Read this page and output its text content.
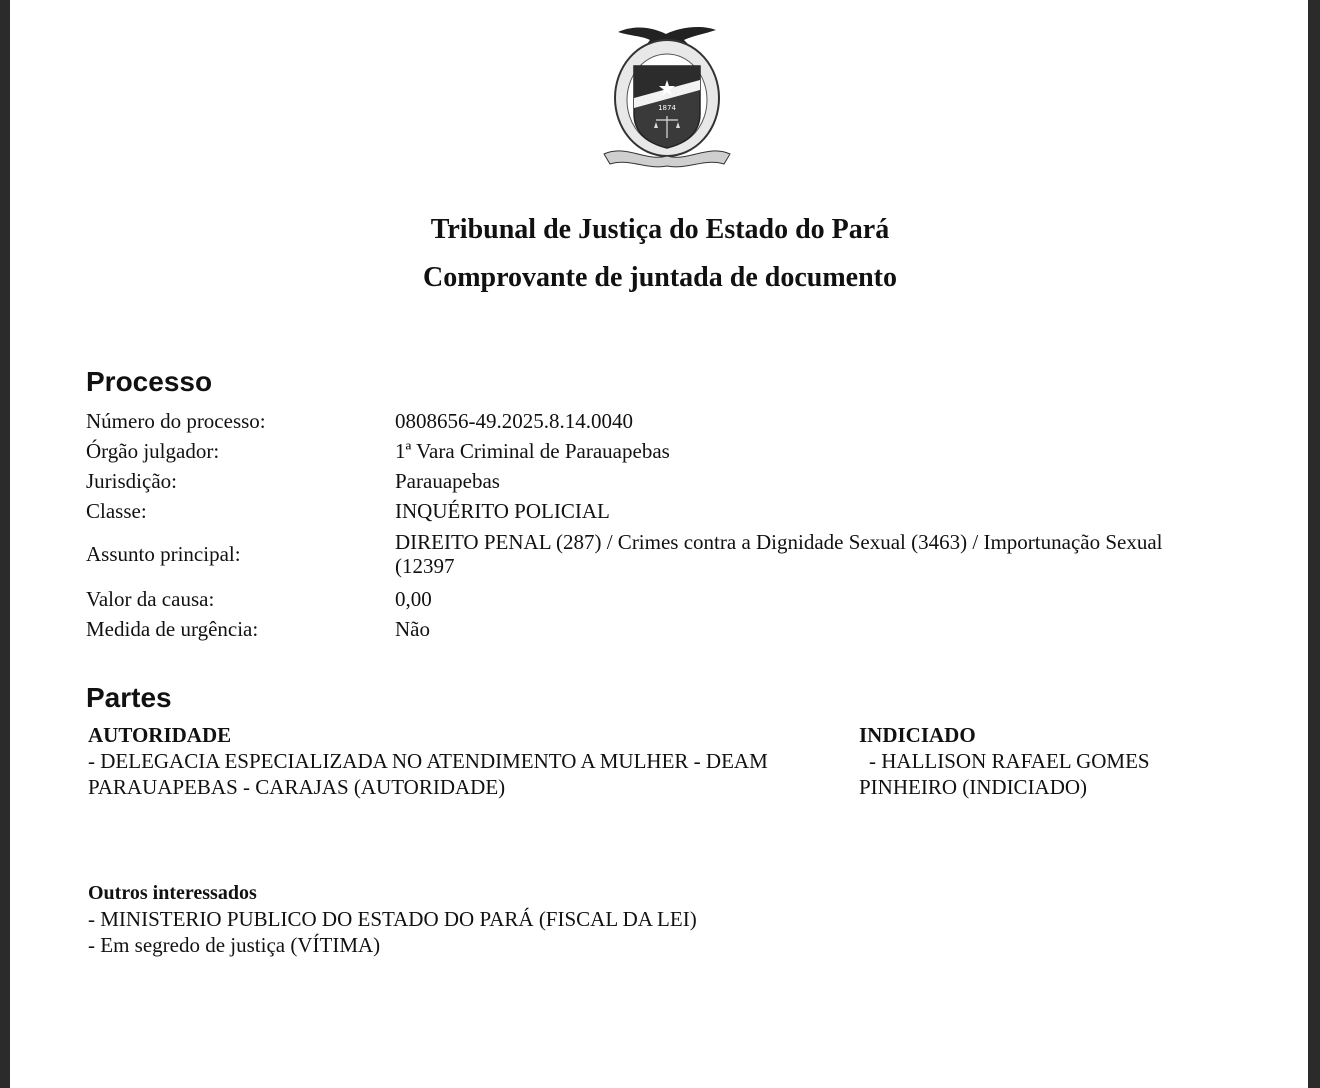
1874
Tribunal de Justiça do Estado do Pará
Comprovante de juntada de documento
Processo
Número do processo:	0808656-49.2025.8.14.0040
Órgão julgador:	1ª Vara Criminal de Parauapebas
Jurisdição:	Parauapebas
Classe:	INQUÉRITO POLICIAL
Assunto principal:	DIREITO PENAL (287) / Crimes contra a Dignidade Sexual (3463) / Importunação Sexual (12397
Valor da causa:	0,00
Medida de urgência:	Não
Partes
AUTORIDADE
- DELEGACIA ESPECIALIZADA NO ATENDIMENTO A MULHER - DEAM PARAUAPEBAS - CARAJAS (AUTORIDADE)
INDICIADO
- HALLISON RAFAEL GOMES PINHEIRO (INDICIADO)
Outros interessados
- MINISTERIO PUBLICO DO ESTADO DO PARÁ (FISCAL DA LEI)
- Em segredo de justiça (VÍTIMA)
